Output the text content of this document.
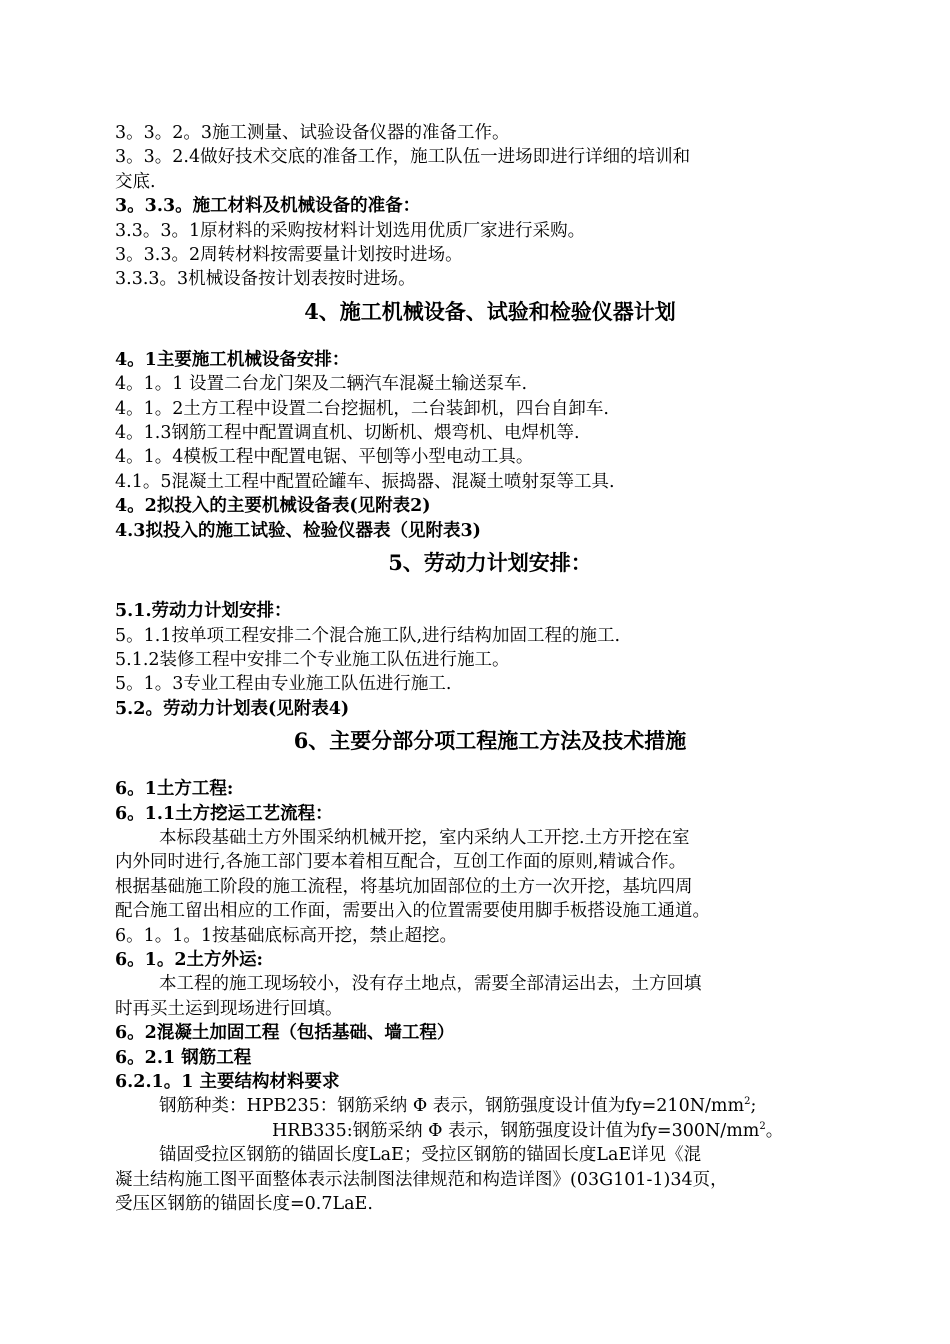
3。3。2。3施工测量、试验设备仪器的准备工作。
3。3。2.4做好技术交底的准备工作，施工队伍一进场即进行详细的培训和
交底.
3。3.3。施工材料及机械设备的准备：
3.3。3。1原材料的采购按材料计划选用优质厂家进行采购。
3。3.3。2周转材料按需要量计划按时进场。
3.3.3。3机械设备按计划表按时进场。
4、施工机械设备、试验和检验仪器计划
4。1主要施工机械设备安排：
4。1。1 设置二台龙门架及二辆汽车混凝土输送泵车.
4。1。2土方工程中设置二台挖掘机，二台装卸机，四台自卸车.
4。1.3钢筋工程中配置调直机、切断机、煨弯机、电焊机等.
4。1。4模板工程中配置电锯、平刨等小型电动工具。
4.1。5混凝土工程中配置砼罐车、振捣器、混凝土喷射泵等工具.
4。2拟投入的主要机械设备表(见附表2)
4.3拟投入的施工试验、检验仪器表（见附表3)
5、劳动力计划安排：
5.1.劳动力计划安排：
5。1.1按单项工程安排二个混合施工队,进行结构加固工程的施工.
5.1.2装修工程中安排二个专业施工队伍进行施工。
5。1。3专业工程由专业施工队伍进行施工.
5.2。劳动力计划表(见附表4)
6、主要分部分项工程施工方法及技术措施
6。1土方工程:
6。1.1土方挖运工艺流程：
本标段基础土方外围采纳机械开挖，室内采纳人工开挖.土方开挖在室
内外同时进行,各施工部门要本着相互配合，互创工作面的原则,精诚合作。
根据基础施工阶段的施工流程，将基坑加固部位的土方一次开挖，基坑四周
配合施工留出相应的工作面，需要出入的位置需要使用脚手板搭设施工通道。
6。1。1。1按基础底标高开挖，禁止超挖。
6。1。2土方外运:
本工程的施工现场较小，没有存土地点，需要全部清运出去，土方回填
时再买土运到现场进行回填。
6。2混凝土加固工程（包括基础、墙工程）
6。2.1 钢筋工程
6.2.1。1 主要结构材料要求
钢筋种类：HPB235：钢筋采纳 Φ 表示，钢筋强度设计值为$fy=210N/mm^2$;
HRB335:钢筋采纳 Φ 表示，钢筋强度设计值为$fy=300N/mm^2$。
锚固受拉区钢筋的锚固长度LaE；受拉区钢筋的锚固长度LaE详见《混
凝土结构施工图平面整体表示法制图法律规范和构造详图》(03G101-1)34页，
受压区钢筋的锚固长度=0.7LaE.
